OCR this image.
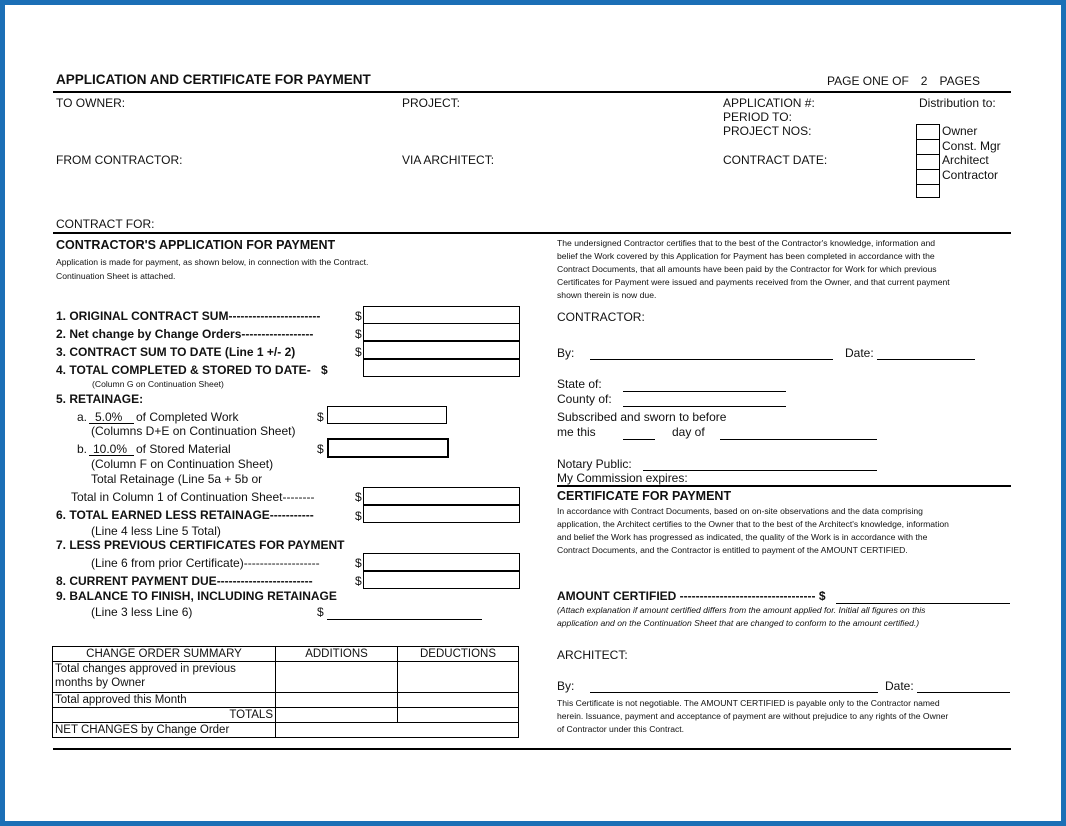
APPLICATION AND CERTIFICATE FOR PAYMENT	PAGE ONE OF 2 PAGES
TO OWNER:	PROJECT:	APPLICATION #:
PERIOD TO:
PROJECT NOS:
FROM CONTRACTOR:	VIA ARCHITECT:	CONTRACT DATE:
CONTRACT FOR:
Distribution to:
Owner
Const. Mgr
Architect
Contractor
CONTRACTOR'S APPLICATION FOR PAYMENT
Application is made for payment, as shown below, in connection with the Contract.
Continuation Sheet is attached.
1. ORIGINAL CONTRACT SUM-----------------------	$
2. Net change by Change Orders------------------	$
3. CONTRACT SUM TO DATE (Line 1 +/- 2)	$
4. TOTAL COMPLETED & STORED TO DATE- $
(Column G on Continuation Sheet)
5. RETAINAGE:
a. 5.0% of Completed Work	$
(Columns D+E on Continuation Sheet)
b. 10.0% of Stored Material	$
(Column F on Continuation Sheet)
Total Retainage (Line 5a + 5b or
Total in Column 1 of Continuation Sheet--------	$
6. TOTAL EARNED LESS RETAINAGE-----------	$
(Line 4 less Line 5 Total)
7. LESS PREVIOUS CERTIFICATES FOR PAYMENT
(Line 6 from prior Certificate)-------------------	$
8. CURRENT PAYMENT DUE------------------------	$
9. BALANCE TO FINISH, INCLUDING RETAINAGE
(Line 3 less Line 6)	$
CHANGE ORDER SUMMARY	ADDITIONS	DEDUCTIONS
Total changes approved in previous
months by Owner		
Total approved this Month		
TOTALS		
NET CHANGES by Change Order		
The undersigned Contractor certifies that to the best of the Contractor's knowledge, information and
belief the Work covered by this Application for Payment has been completed in accordance with the
Contract Documents, that all amounts have been paid by the Contractor for Work for which previous
Certificates for Payment were issued and payments received from the Owner, and that current payment
shown therein is now due.
CONTRACTOR:
By:	Date:
State of:
County of:
Subscribed and sworn to before
me this	day of
Notary Public:
My Commission expires:
CERTIFICATE FOR PAYMENT
In accordance with Contract Documents, based on on-site observations and the data comprising
application, the Architect certifies to the Owner that to the best of the Architect's knowledge, information
and belief the Work has progressed as indicated, the quality of the Work is in accordance with the
Contract Documents, and the Contractor is entitled to payment of the AMOUNT CERTIFIED.
AMOUNT CERTIFIED ---------------------------------- $
(Attach explanation if amount certified differs from the amount applied for. Initial all figures on this
application and on the Continuation Sheet that are changed to conform to the amount certified.)
ARCHITECT:
By:	Date:
This Certificate is not negotiable. The AMOUNT CERTIFIED is payable only to the Contractor named
herein. Issuance, payment and acceptance of payment are without prejudice to any rights of the Owner
of Contractor under this Contract.
